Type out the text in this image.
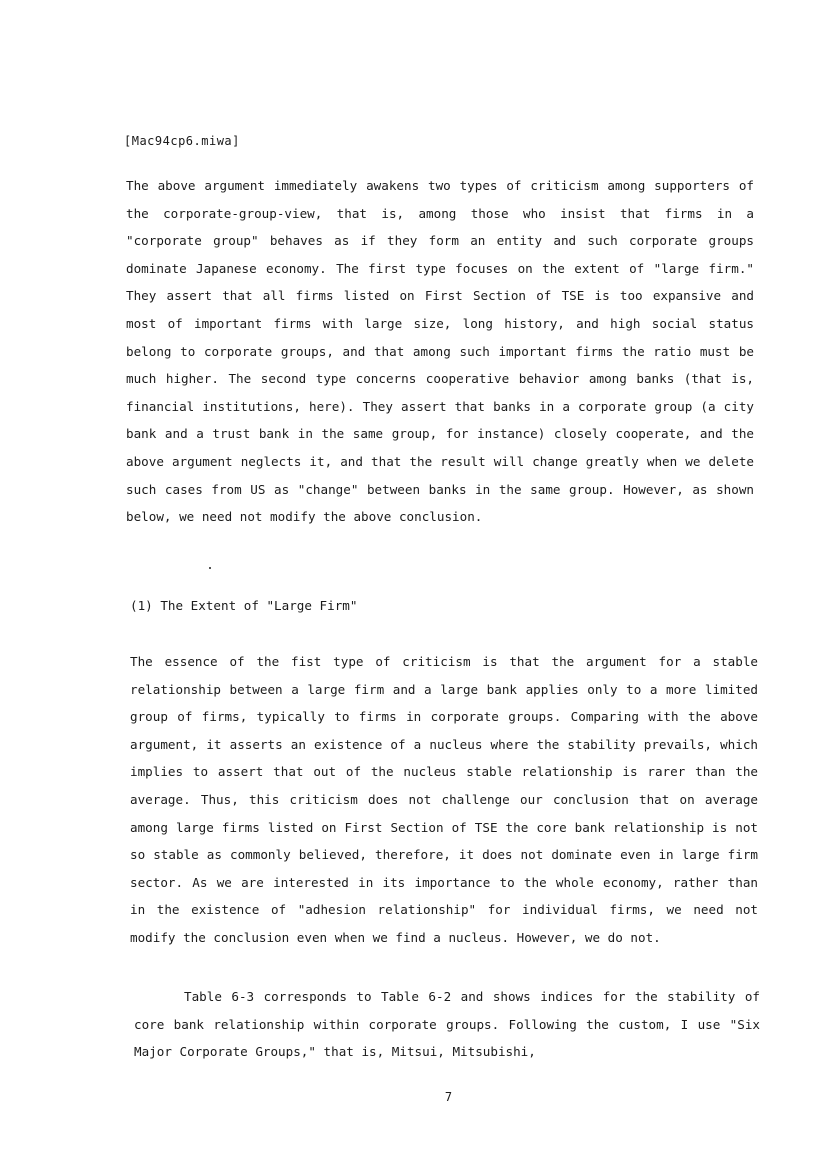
[Mac94cp6.miwa]

The above argument immediately awakens two types of criticism among supporters of the corporate-group-view, that is, among those who insist that firms in a "corporate group" behaves as if they form an entity and such corporate groups dominate Japanese economy. The first type focuses on the extent of "large firm." They assert that all firms listed on First Section of TSE is too expansive and most of important firms with large size, long history, and high social status belong to corporate groups, and that among such important firms the ratio must be much higher. The second type concerns cooperative behavior among banks (that is, financial institutions, here). They assert that banks in a corporate group (a city bank and a trust bank in the same group, for instance) closely cooperate, and the above argument neglects it, and that the result will change greatly when we delete such cases from US as "change" between banks in the same group. However, as shown below, we need not modify the above conclusion.

(1) The Extent of "Large Firm"

The essence of the fist type of criticism is that the argument for a stable relationship between a large firm and a large bank applies only to a more limited group of firms, typically to firms in corporate groups. Comparing with the above argument, it asserts an existence of a nucleus where the stability prevails, which implies to assert that out of the nucleus stable relationship is rarer than the average. Thus, this criticism does not challenge our conclusion that on average among large firms listed on First Section of TSE the core bank relationship is not so stable as commonly believed, therefore, it does not dominate even in large firm sector. As we are interested in its importance to the whole economy, rather than in the existence of "adhesion relationship" for individual firms, we need not modify the conclusion even when we find a nucleus. However, we do not.

Table 6-3 corresponds to Table 6-2 and shows indices for the stability of core bank relationship within corporate groups. Following the custom, I use "Six Major Corporate Groups," that is, Mitsui, Mitsubishi,

7
